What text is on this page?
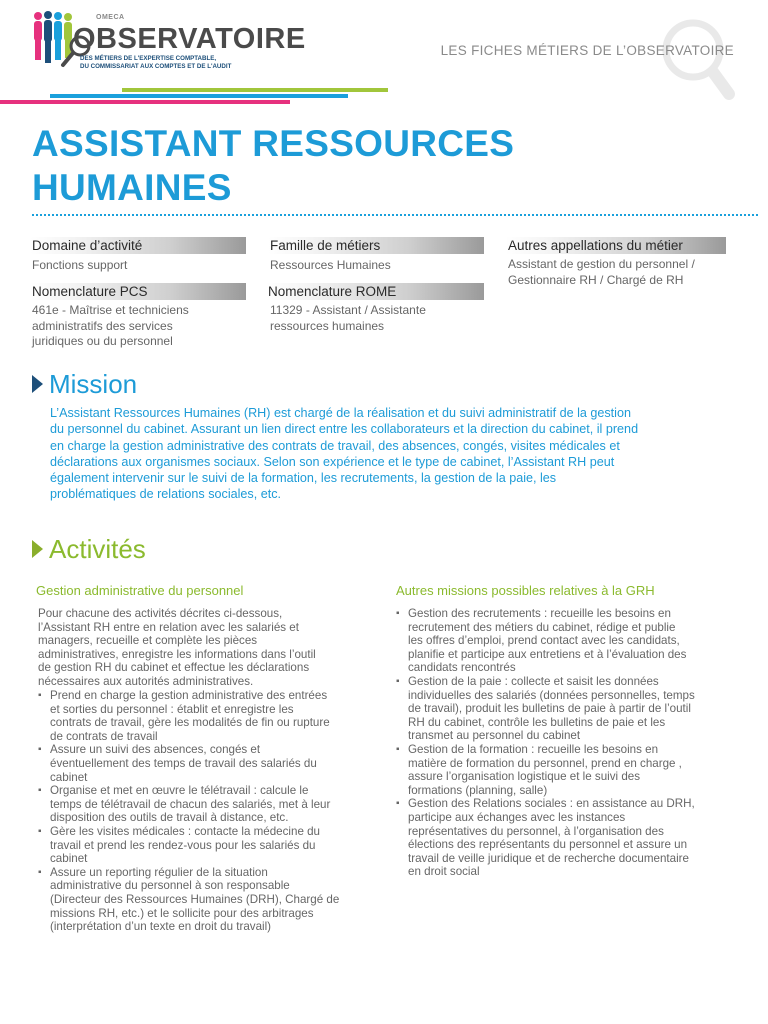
OMECA
OBSERVATOIRE
DES MÉTIERS DE L'EXPERTISE COMPTABLE,
DU COMMISSARIAT AUX COMPTES ET DE L'AUDIT
LES FICHES MÉTIERS DE L’OBSERVATOIRE
ASSISTANT RESSOURCES
HUMAINES
Domaine d’activité
Fonctions support
Famille de métiers
Ressources Humaines
Autres appellations du métier
Assistant de gestion du personnel /
Gestionnaire RH / Chargé de RH
Nomenclature PCS
461e - Maîtrise et techniciens
administratifs des services
juridiques ou du personnel
Nomenclature ROME
11329 - Assistant / Assistante
ressources humaines
Mission
L’Assistant Ressources Humaines (RH) est chargé de la réalisation et du suivi administratif de la gestion
du personnel du cabinet. Assurant un lien direct entre les collaborateurs et la direction du cabinet, il prend
en charge la gestion administrative des contrats de travail, des absences, congés, visites médicales et
déclarations aux organismes sociaux. Selon son expérience et le type de cabinet, l’Assistant RH peut
également intervenir sur le suivi de la formation, les recrutements, la gestion de la paie, les
problématiques de relations sociales, etc.
Activités
Gestion administrative du personnel
Pour chacune des activités décrites ci-dessous,
l’Assistant RH entre en relation avec les salariés et
managers, recueille et complète les pièces
administratives, enregistre les informations dans l’outil
de gestion RH du cabinet et effectue les déclarations
nécessaires aux autorités administratives.
▪ Prend en charge la gestion administrative des entrées
et sorties du personnel : établit et enregistre les
contrats de travail, gère les modalités de fin ou rupture
de contrats de travail
▪ Assure un suivi des absences, congés et
éventuellement des temps de travail des salariés du
cabinet
▪ Organise et met en œuvre le télétravail : calcule le
temps de télétravail de chacun des salariés, met à leur
disposition des outils de travail à distance, etc.
▪ Gère les visites médicales : contacte la médecine du
travail et prend les rendez-vous pour les salariés du
cabinet
▪ Assure un reporting régulier de la situation
administrative du personnel à son responsable
(Directeur des Ressources Humaines (DRH), Chargé de
missions RH, etc.) et le sollicite pour des arbitrages
(interprétation d’un texte en droit du travail)
Autres missions possibles relatives à la GRH
▪ Gestion des recrutements : recueille les besoins en
recrutement des métiers du cabinet, rédige et publie
les offres d’emploi, prend contact avec les candidats,
planifie et participe aux entretiens et à l’évaluation des
candidats rencontrés
▪ Gestion de la paie : collecte et saisit les données
individuelles des salariés (données personnelles, temps
de travail), produit les bulletins de paie à partir de l’outil
RH du cabinet, contrôle les bulletins de paie et les
transmet au personnel du cabinet
▪ Gestion de la formation : recueille les besoins en
matière de formation du personnel, prend en charge ,
assure l’organisation logistique et le suivi des
formations (planning, salle)
▪ Gestion des Relations sociales : en assistance au DRH,
participe aux échanges avec les instances
représentatives du personnel, à l’organisation des
élections des représentants du personnel et assure un
travail de veille juridique et de recherche documentaire
en droit social
